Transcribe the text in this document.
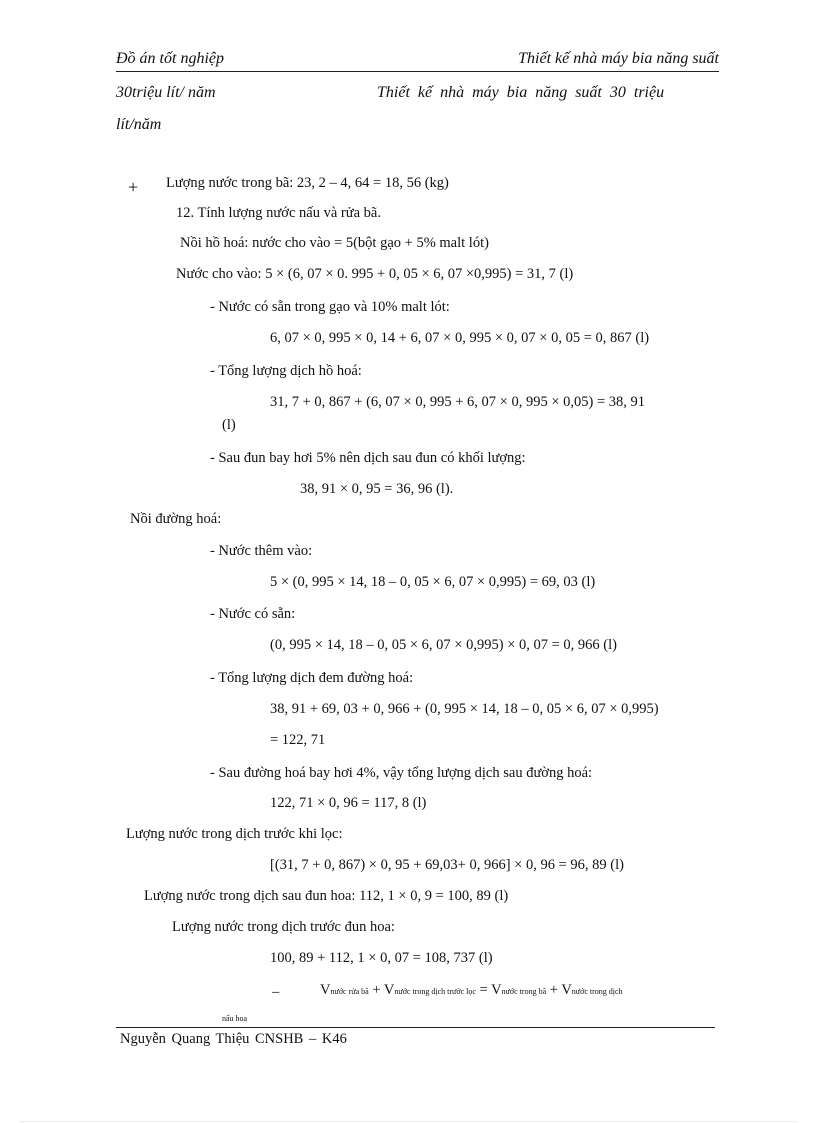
Đồ án tốt nghiệp	Thiết kế nhà máy bia năng suất
30triệu lít/ năm	Thiết kế nhà máy bia năng suất 30 triệu
lít/năm
+ Lượng nước trong bã: 23, 2 – 4, 64 = 18, 56 (kg)
12. Tính lượng nước nấu và rửa bã.
Nồi hồ hoá: nước cho vào = 5(bột gạo + 5% malt lót)
Nước cho vào: 5 × (6, 07 × 0. 995 + 0, 05 × 6, 07 ×0,995) = 31, 7 (l)
- Nước có sẵn trong gạo và 10% malt lót:
6, 07 × 0, 995 × 0, 14 + 6, 07 × 0, 995 × 0, 07 × 0, 05 = 0, 867 (l)
- Tổng lượng dịch hồ hoá:
31, 7 + 0, 867 + (6, 07 × 0, 995 + 6, 07 × 0, 995 × 0,05) = 38, 91
(l)
- Sau đun bay hơi 5% nên dịch sau đun có khối lượng:
38, 91 × 0, 95 = 36, 96 (l).
Nồi đường hoá:
- Nước thêm vào:
5 × (0, 995 × 14, 18 – 0, 05 × 6, 07 × 0,995) = 69, 03 (l)
- Nước có sẵn:
(0, 995 × 14, 18 – 0, 05 × 6, 07 × 0,995) × 0, 07 = 0, 966 (l)
- Tổng lượng dịch đem đường hoá:
38, 91 + 69, 03 + 0, 966 + (0, 995 × 14, 18 – 0, 05 × 6, 07 × 0,995)
= 122, 71
- Sau đường hoá bay hơi 4%, vậy tổng lượng dịch sau đường hoá:
122, 71 × 0, 96 = 117, 8 (l)
Lượng nước trong dịch trước khi lọc:
[(31, 7 + 0, 867) × 0, 95 + 69,03+ 0, 966] × 0, 96 = 96, 89 (l)
Lượng nước trong dịch sau đun hoa: 112, 1 × 0, 9 = 100, 89 (l)
Lượng nước trong dịch trước đun hoa:
100, 89 + 112, 1 × 0, 07 = 108, 737 (l)
–	Vnước rửa bã + Vnước trong dịch trước lọc = Vnước trong bã + Vnước trong dịch
nấu hoa
Nguyễn Quang Thiệu CNSHB – K46
